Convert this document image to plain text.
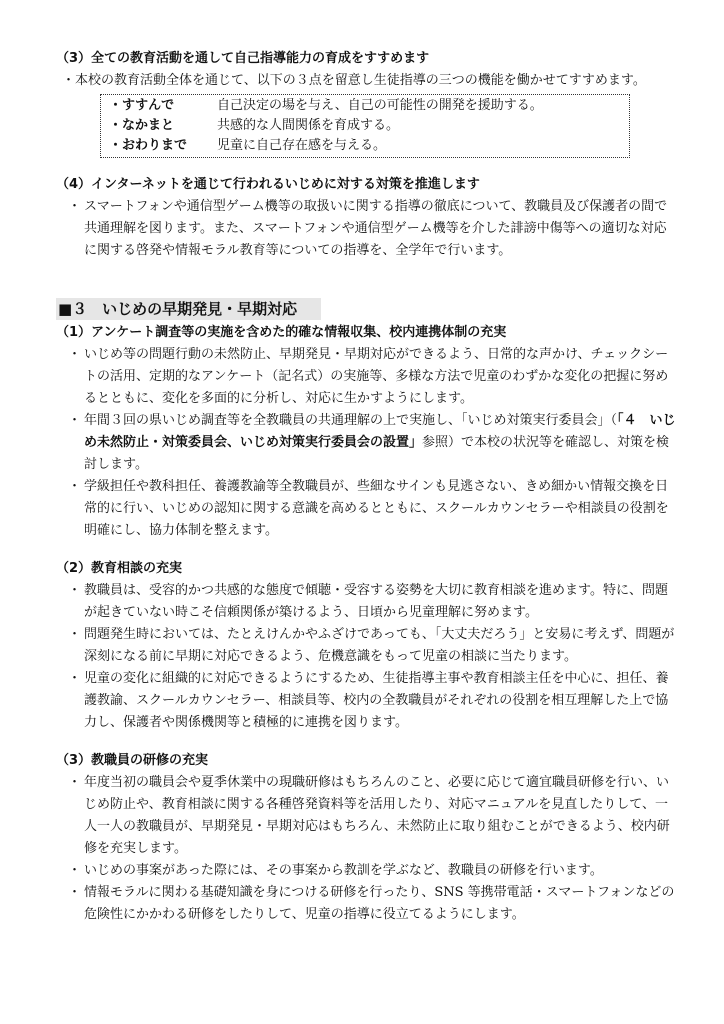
（3）全ての教育活動を通して自己指導能力の育成をすすめます

・本校の教育活動全体を通じて、以下の３点を留意し生徒指導の三つの機能を働かせてすすめます。

・すすんで	自己決定の場を与え、自己の可能性の開発を援助する。
・なかまと	共感的な人間関係を育成する。
・おわりまで	児童に自己存在感を与える。

（4）インターネットを通じて行われるいじめに対する対策を推進します

・ スマートフォンや通信型ゲーム機等の取扱いに関する指導の徹底について、教職員及び保護者の間で共通理解を図ります。また、スマートフォンや通信型ゲーム機等を介した誹謗中傷等への適切な対応に関する啓発や情報モラル教育等についての指導を、全学年で行います。

■３　いじめの早期発見・早期対応

（1）アンケート調査等の実施を含めた的確な情報収集、校内連携体制の充実

・ いじめ等の問題行動の未然防止、早期発見・早期対応ができるよう、日常的な声かけ、チェックシートの活用、定期的なアンケート（記名式）の実施等、多様な方法で児童のわずかな変化の把握に努めるとともに、変化を多面的に分析し、対応に生かすようにします。

・ 年間３回の県いじめ調査等を全教職員の共通理解の上で実施し、「いじめ対策実行委員会」（「４　いじめ未然防止・対策委員会、いじめ対策実行委員会の設置」参照）で本校の状況等を確認し、対策を検討します。

・ 学級担任や教科担任、養護教諭等全教職員が、些細なサインも見逃さない、きめ細かい情報交換を日常的に行い、いじめの認知に関する意識を高めるとともに、スクールカウンセラーや相談員の役割を明確にし、協力体制を整えます。

（2）教育相談の充実

・ 教職員は、受容的かつ共感的な態度で傾聴・受容する姿勢を大切に教育相談を進めます。特に、問題が起きていない時こそ信頼関係が築けるよう、日頃から児童理解に努めます。

・ 問題発生時においては、たとえけんかやふざけであっても、「大丈夫だろう」と安易に考えず、問題が深刻になる前に早期に対応できるよう、危機意識をもって児童の相談に当たります。

・ 児童の変化に組織的に対応できるようにするため、生徒指導主事や教育相談主任を中心に、担任、養護教諭、スクールカウンセラー、相談員等、校内の全教職員がそれぞれの役割を相互理解した上で協力し、保護者や関係機関等と積極的に連携を図ります。

（3）教職員の研修の充実

・ 年度当初の職員会や夏季休業中の現職研修はもちろんのこと、必要に応じて適宜職員研修を行い、いじめ防止や、教育相談に関する各種啓発資料等を活用したり、対応マニュアルを見直したりして、一人一人の教職員が、早期発見・早期対応はもちろん、未然防止に取り組むことができるよう、校内研修を充実します。

・ いじめの事案があった際には、その事案から教訓を学ぶなど、教職員の研修を行います。

・ 情報モラルに関わる基礎知識を身につける研修を行ったり、SNS 等携帯電話・スマートフォンなどの危険性にかかわる研修をしたりして、児童の指導に役立てるようにします。
